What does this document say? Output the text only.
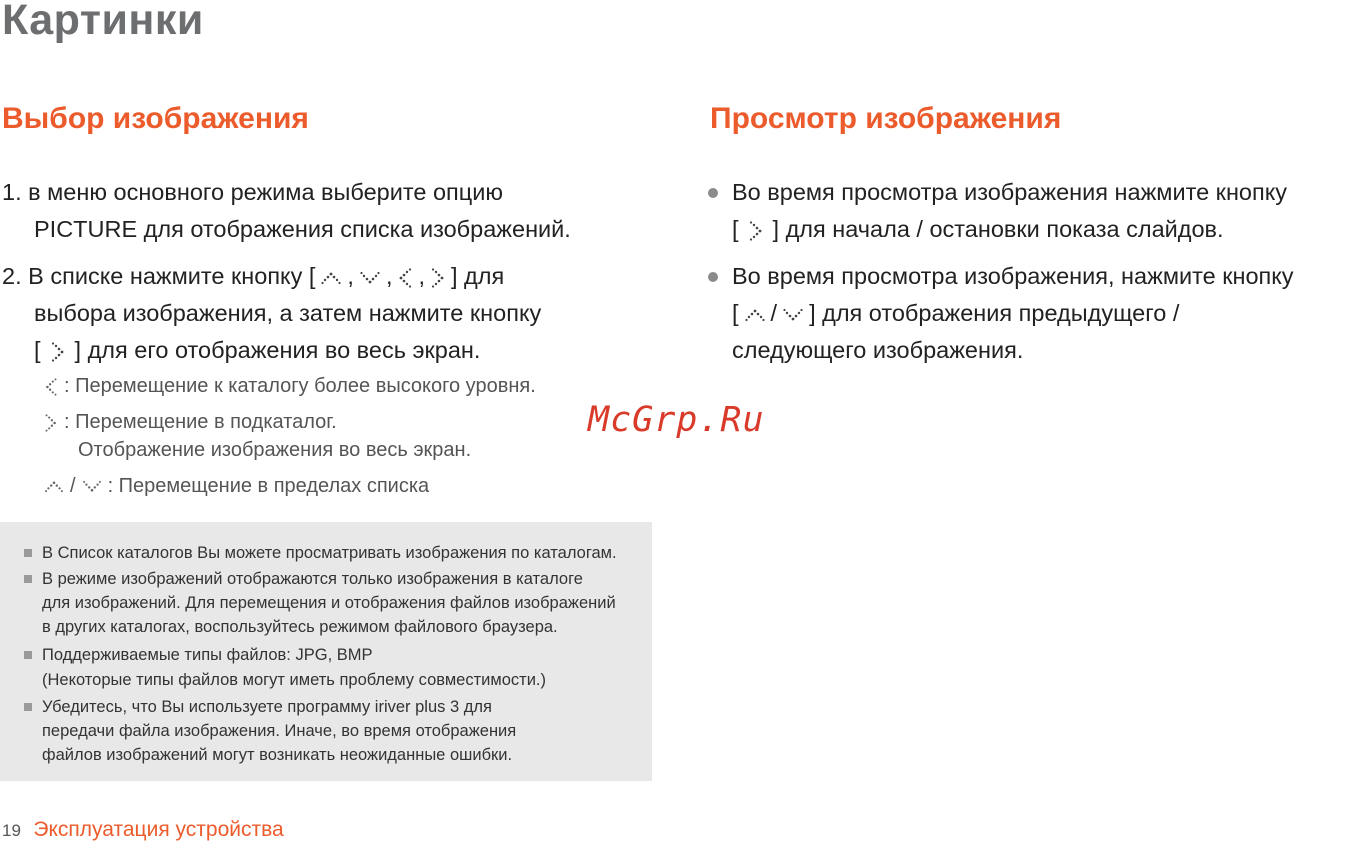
Картинки
Выбор изображения	Просмотр изображения
1. в меню основного режима выберите опцию
PICTURE для отображения списка изображений.
2. В списке нажмите кнопку [ , , , ] для
выбора изображения, а затем нажмите кнопку
[ ] для его отображения во весь экран.
: Перемещение к каталогу более высокого уровня.
: Перемещение в подкаталог.
Отображение изображения во весь экран.
/ : Перемещение в пределах списка
Во время просмотра изображения нажмите кнопку
[ ] для начала / остановки показа слайдов.
Во время просмотра изображения, нажмите кнопку
[ / ] для отображения предыдущего /
следующего изображения.
McGrp.Ru
В Список каталогов Вы можете просматривать изображения по каталогам.
В режиме изображений отображаются только изображения в каталоге
для изображений. Для перемещения и отображения файлов изображений
в других каталогах, воспользуйтесь режимом файлового браузера.
Поддерживаемые типы файлов: JPG, BMP
(Некоторые типы файлов могут иметь проблему совместимости.)
Убедитесь, что Вы используете программу iriver plus 3 для
передачи файла изображения. Иначе, во время отображения
файлов изображений могут возникать неожиданные ошибки.
19 Эксплуатация устройства
